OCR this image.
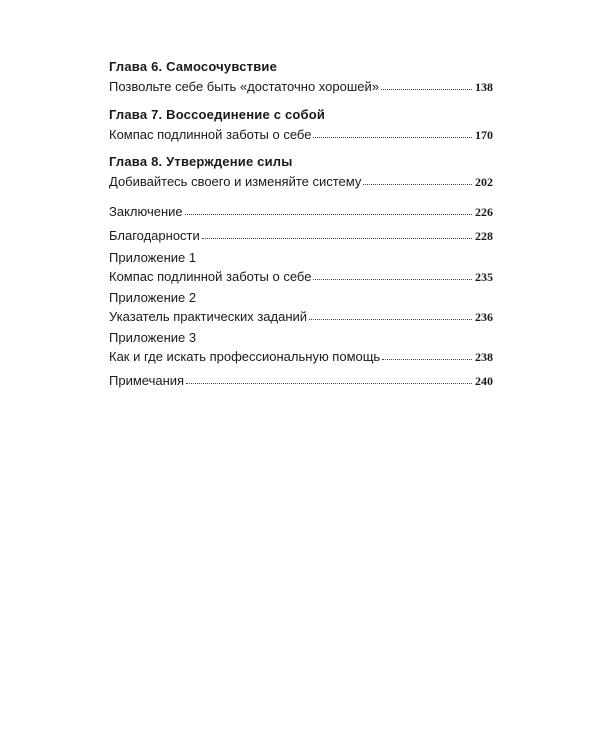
Глава 6. Самосочувствие
Позвольте себе быть «достаточно хорошей»	138
Глава 7. Воссоединение с собой
Компас подлинной заботы о себе	170
Глава 8. Утверждение силы
Добивайтесь своего и изменяйте систему	202
Заключение	226
Благодарности	228
Приложение 1
Компас подлинной заботы о себе	235
Приложение 2
Указатель практических заданий	236
Приложение 3
Как и где искать профессиональную помощь	238
Примечания	240
